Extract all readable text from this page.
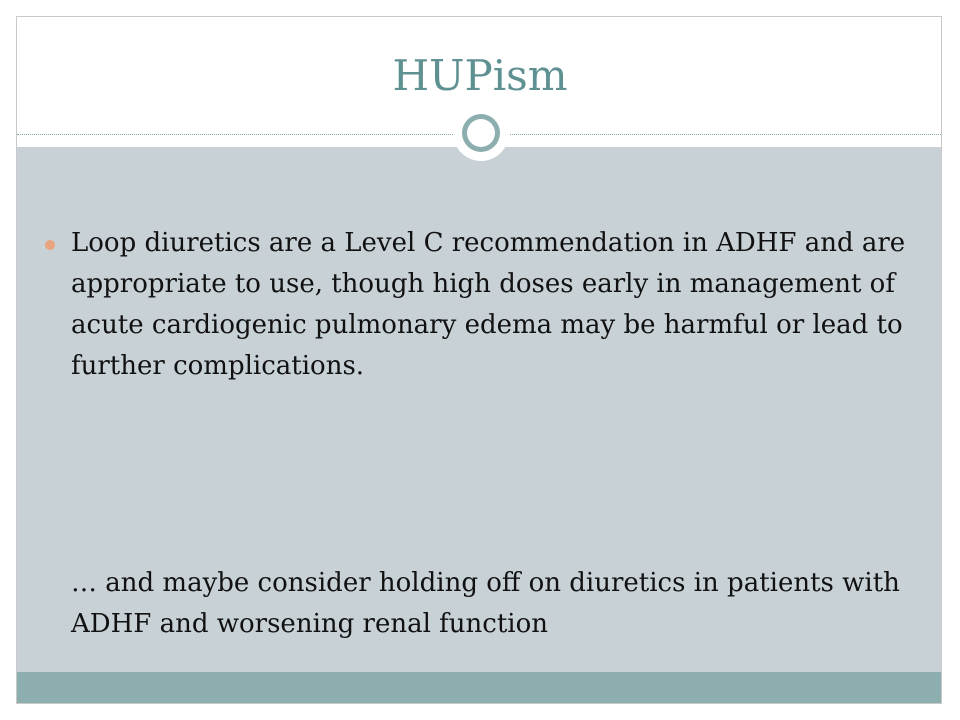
HUPism

Loop diuretics are a Level C recommendation in ADHF and are appropriate to use, though high doses early in management of acute cardiogenic pulmonary edema may be harmful or lead to further complications.

… and maybe consider holding off on diuretics in patients with ADHF and worsening renal function
